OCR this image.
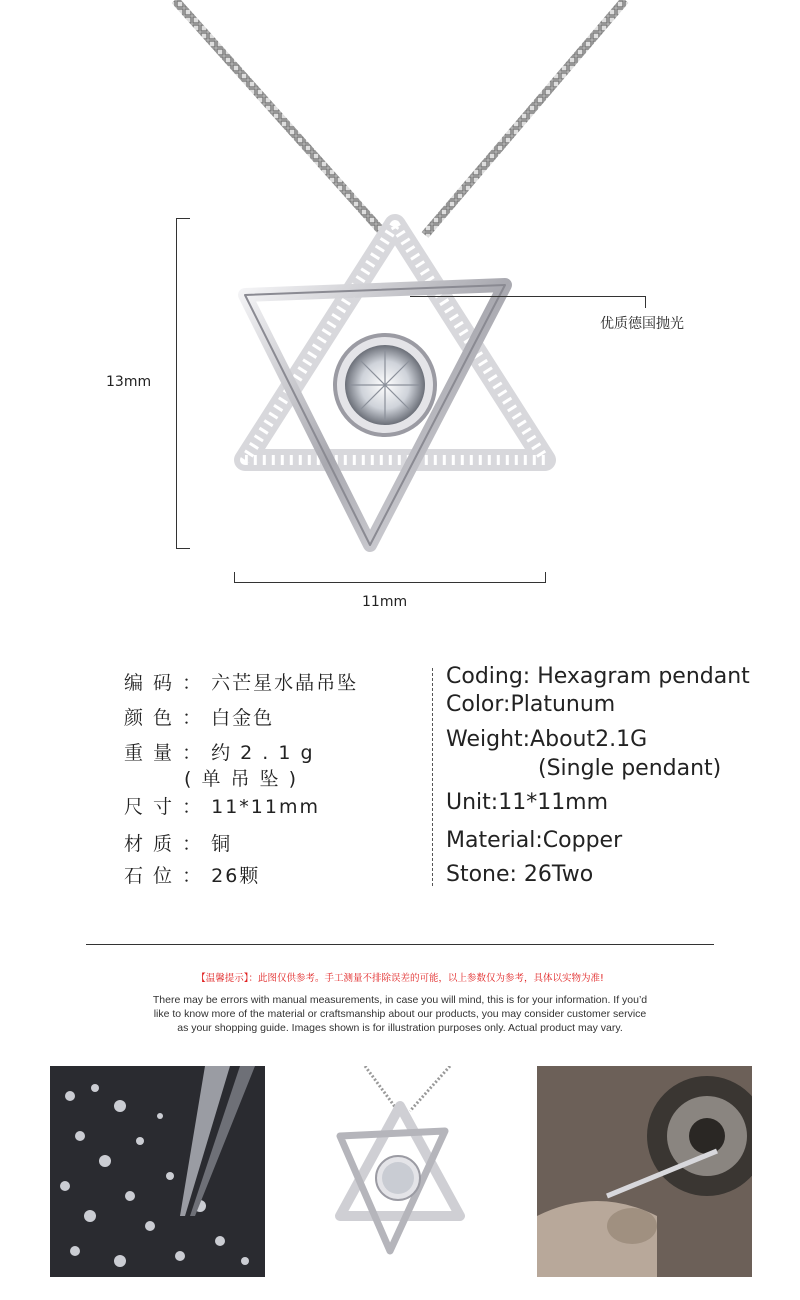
13mm
11mm
优质德国抛光
编 码 ： 六芒星水晶吊坠
颜 色 ： 白金色
重 量 ： 约 2 . 1 g
( 单 吊 坠 )
尺 寸 ： 11*11mm
材 质 ： 铜
石 位 ： 26颗
Coding: Hexagram pendant
Color:Platunum
Weight:About2.1G
(Single pendant)
Unit:11*11mm
Material:Copper
Stone: 26Two
【温馨提示】：此图仅供参考。手工测量不排除误差的可能，以上参数仅为参考，具体以实物为准!
There may be errors with manual measurements, in case you will mind, this is for your information. If you’d
like to know more of the material or craftsmanship about our products, you may consider customer service
as your shopping guide. Images shown is for illustration purposes only. Actual product may vary.
